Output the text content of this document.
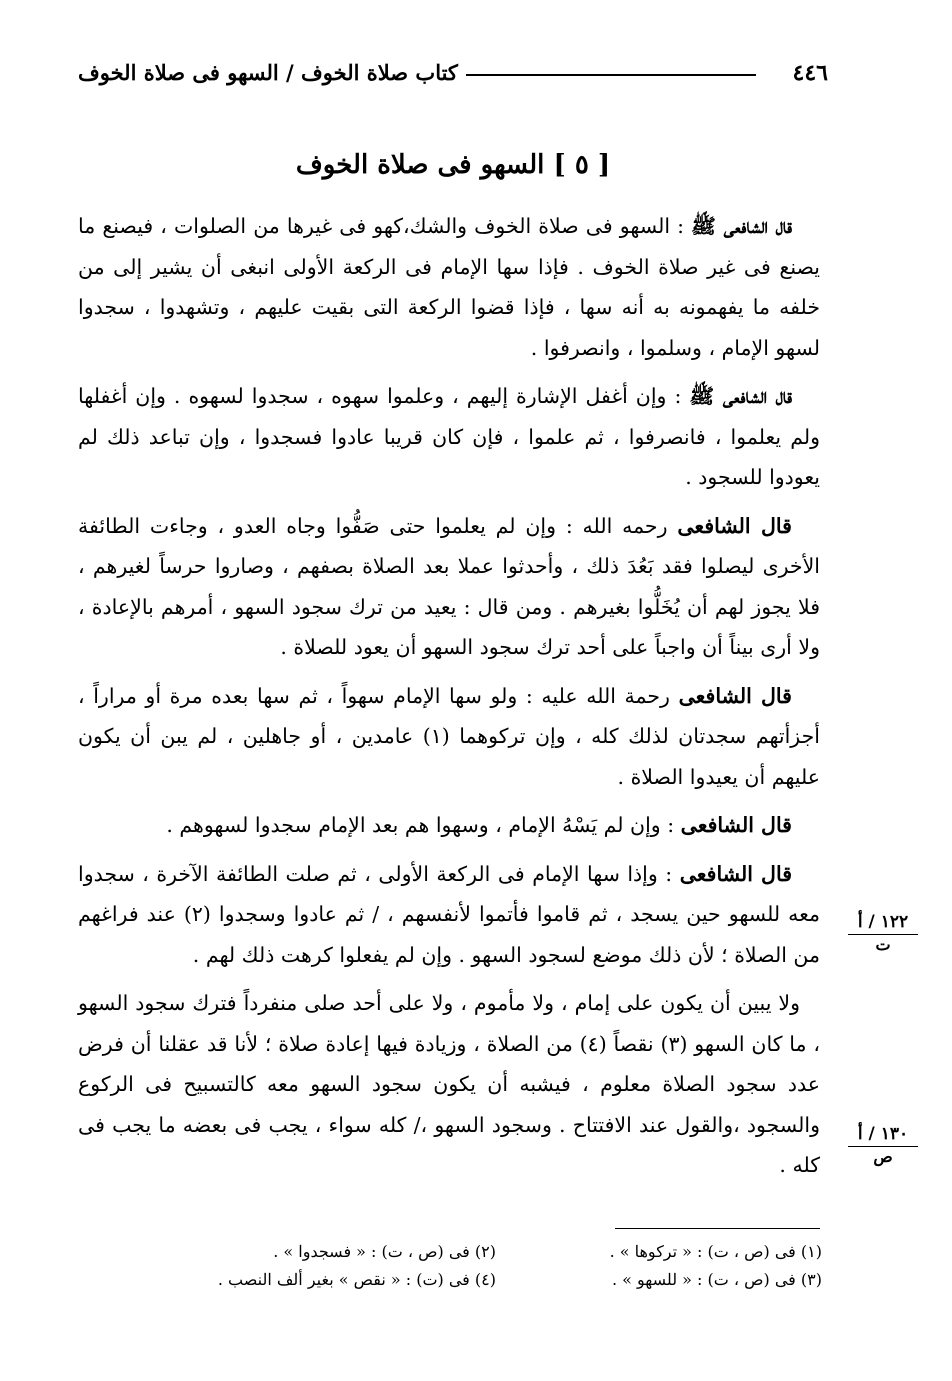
٤٤٦
كتاب صلاة الخوف / السهو فى صلاة الخوف
[ ٥ ] السهو فى صلاة الخوف

قال الشافعى ﷺ : السهو فى صلاة الخوف والشك،كهو فى غيرها من الصلوات ، فيصنع ما يصنع فى غير صلاة الخوف . فإذا سها الإمام فى الركعة الأولى انبغى أن يشير إلى من خلفه ما يفهمونه به أنه سها ، فإذا قضوا الركعة التى بقيت عليهم ، وتشهدوا ، سجدوا لسهو الإمام ، وسلموا ، وانصرفوا .

قال الشافعى ﷺ : وإن أغفل الإشارة إليهم ، وعلموا سهوه ، سجدوا لسهوه . وإن أغفلها ولم يعلموا ، فانصرفوا ، ثم علموا ، فإن كان قريبا عادوا فسجدوا ، وإن تباعد ذلك لم يعودوا للسجود .

قال الشافعى رحمه الله : وإن لم يعلموا حتى صَفُّوا وجاه العدو ، وجاءت الطائفة الأخرى ليصلوا فقد بَعُدَ ذلك ، وأحدثوا عملا بعد الصلاة بصفهم ، وصاروا حرساً لغيرهم ، فلا يجوز لهم أن يُخَلُّوا بغيرهم . ومن قال : يعيد من ترك سجود السهو ، أمرهم بالإعادة ، ولا أرى بيناً أن واجباً على أحد ترك سجود السهو أن يعود للصلاة .

قال الشافعى رحمة الله عليه : ولو سها الإمام سهواً ، ثم سها بعده مرة أو مراراً ، أجزأتهم سجدتان لذلك كله ، وإن تركوهما (١) عامدين ، أو جاهلين ، لم يبن أن يكون عليهم أن يعيدوا الصلاة .

قال الشافعى : وإن لم يَسْهُ الإمام ، وسهوا هم بعد الإمام سجدوا لسهوهم .

قال الشافعى : وإذا سها الإمام فى الركعة الأولى ، ثم صلت الطائفة الآخرة ، سجدوا معه للسهو حين يسجد ، ثم قاموا فأتموا لأنفسهم ، / ثم عادوا وسجدوا (٢) عند فراغهم من الصلاة ؛ لأن ذلك موضع لسجود السهو . وإن لم يفعلوا كرهت ذلك لهم .

ولا يبين أن يكون على إمام ، ولا مأموم ، ولا على أحد صلى منفرداً فترك سجود السهو ، ما كان السهو (٣) نقصاً (٤) من الصلاة ، وزيادة فيها إعادة صلاة ؛ لأنا قد عقلنا أن فرض عدد سجود الصلاة معلوم ، فيشبه أن يكون سجود السهو معه كالتسبيح فى الركوع والسجود ،والقول عند الافتتاح . وسجود السهو ،/ كله سواء ، يجب فى بعضه ما يجب فى كله .

١٢٢ / أ
ت
١٣٠ / أ
ص
(١) فى (ص ، ت) : « تركوها » .
(٢) فى (ص ، ت) : « فسجدوا » .
(٣) فى (ص ، ت) : « للسهو » .
(٤) فى (ت) : « نقص » بغير ألف النصب .
